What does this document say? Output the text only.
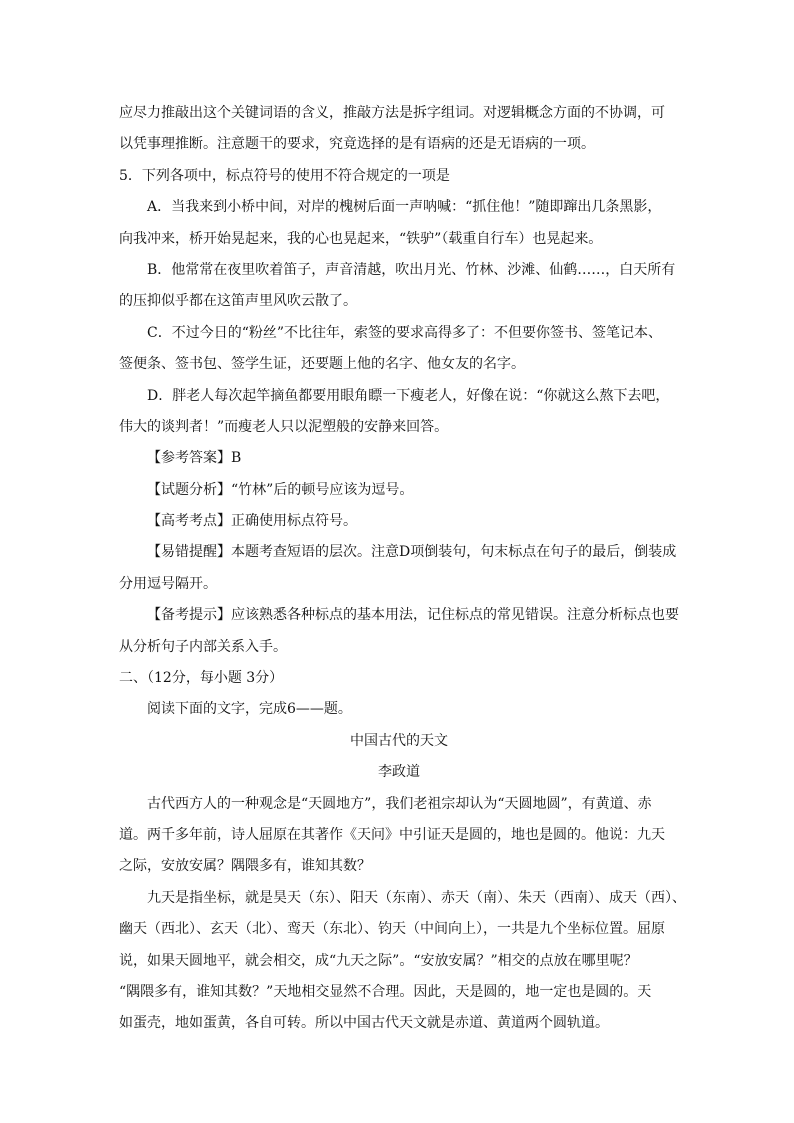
应尽力推敲出这个关键词语的含义，推敲方法是拆字组词。对逻辑概念方面的不协调，可
以凭事理推断。注意题干的要求，究竟选择的是有语病的还是无语病的一项。
5．下列各项中，标点符号的使用不符合规定的一项是
A．当我来到小桥中间，对岸的槐树后面一声呐喊：“抓住他！”随即蹿出几条黑影，
向我冲来，桥开始晃起来，我的心也晃起来，“铁驴”（载重自行车）也晃起来。
B．他常常在夜里吹着笛子，声音清越，吹出月光、竹林、沙滩、仙鹤……，白天所有
的压抑似乎都在这笛声里风吹云散了。
C．不过今日的“粉丝”不比往年，索签的要求高得多了：不但要你签书、签笔记本、
签便条、签书包、签学生证，还要题上他的名字、他女友的名字。
D．胖老人每次起竿摘鱼都要用眼角瞟一下瘦老人，好像在说：“你就这么熬下去吧，
伟大的谈判者！”而瘦老人只以泥塑般的安静来回答。
【参考答案】B
【试题分析】“竹林”后的顿号应该为逗号。
【高考考点】正确使用标点符号。
【易错提醒】本题考查短语的层次。注意D项倒装句，句末标点在句子的最后，倒装成
分用逗号隔开。
【备考提示】应该熟悉各种标点的基本用法，记住标点的常见错误。注意分析标点也要
从分析句子内部关系入手。
二、（12分，每小题 3分）
阅读下面的文字，完成6——题。
中国古代的天文
李政道
古代西方人的一种观念是“天圆地方”，我们老祖宗却认为“天圆地圆”，有黄道、赤
道。两千多年前，诗人屈原在其著作《天问》中引证天是圆的，地也是圆的。他说：九天
之际，安放安属？隅隈多有，谁知其数？
九天是指坐标，就是昊天（东）、阳天（东南）、赤天（南）、朱天（西南）、成天（西）、
幽天（西北）、玄天（北）、鸾天（东北）、钧天（中间向上），一共是九个坐标位置。屈原
说，如果天圆地平，就会相交，成“九天之际”。“安放安属？”相交的点放在哪里呢？
“隅隈多有，谁知其数？”天地相交显然不合理。因此，天是圆的，地一定也是圆的。天
如蛋壳，地如蛋黄，各自可转。所以中国古代天文就是赤道、黄道两个圆轨道。
